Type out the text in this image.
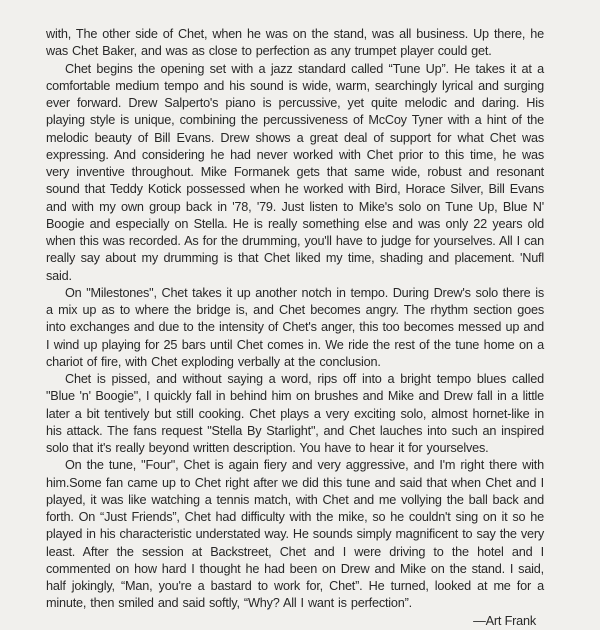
with, The other side of Chet, when he was on the stand, was all business. Up there, he was Chet Baker, and was as close to perfection as any trumpet player could get.

Chet begins the opening set with a jazz standard called “Tune Up”. He takes it at a comfortable medium tempo and his sound is wide, warm, searchingly lyrical and surging ever forward. Drew Salperto's piano is percussive, yet quite melodic and daring. His playing style is unique, combining the percussiveness of McCoy Tyner with a hint of the melodic beauty of Bill Evans. Drew shows a great deal of support for what Chet was expressing. And considering he had never worked with Chet prior to this time, he was very inventive throughout. Mike Formanek gets that same wide, robust and resonant sound that Teddy Kotick possessed when he worked with Bird, Horace Silver, Bill Evans and with my own group back in '78, '79. Just listen to Mike's solo on Tune Up, Blue N' Boogie and especially on Stella. He is really something else and was only 22 years old when this was recorded. As for the drumming, you'll have to judge for yourselves. All I can really say about my drumming is that Chet liked my time, shading and placement. 'Nufl said.

On "Milestones", Chet takes it up another notch in tempo. During Drew's solo there is a mix up as to where the bridge is, and Chet becomes angry. The rhythm section goes into exchanges and due to the intensity of Chet's anger, this too becomes messed up and I wind up playing for 25 bars until Chet comes in. We ride the rest of the tune home on a chariot of fire, with Chet exploding verbally at the conclusion.

Chet is pissed, and without saying a word, rips off into a bright tempo blues called "Blue 'n' Boogie", I quickly fall in behind him on brushes and Mike and Drew fall in a little later a bit tentively but still cooking. Chet plays a very exciting solo, almost hornet-like in his attack. The fans request "Stella By Starlight", and Chet lauches into such an inspired solo that it's really beyond written description. You have to hear it for yourselves.

On the tune, "Four", Chet is again fiery and very aggressive, and I'm right there with him.Some fan came up to Chet right after we did this tune and said that when Chet and I played, it was like watching a tennis match, with Chet and me vollying the ball back and forth. On “Just Friends”, Chet had difficulty with the mike, so he couldn't sing on it so he played in his characteristic understated way. He sounds simply magnificent to say the very least. After the session at Backstreet, Chet and I were driving to the hotel and I commented on how hard I thought he had been on Drew and Mike on the stand. I said, half jokingly, “Man, you're a bastard to work for, Chet”. He turned, looked at me for a minute, then smiled and said softly, “Why? All I want is perfection”.

—Art Frank
